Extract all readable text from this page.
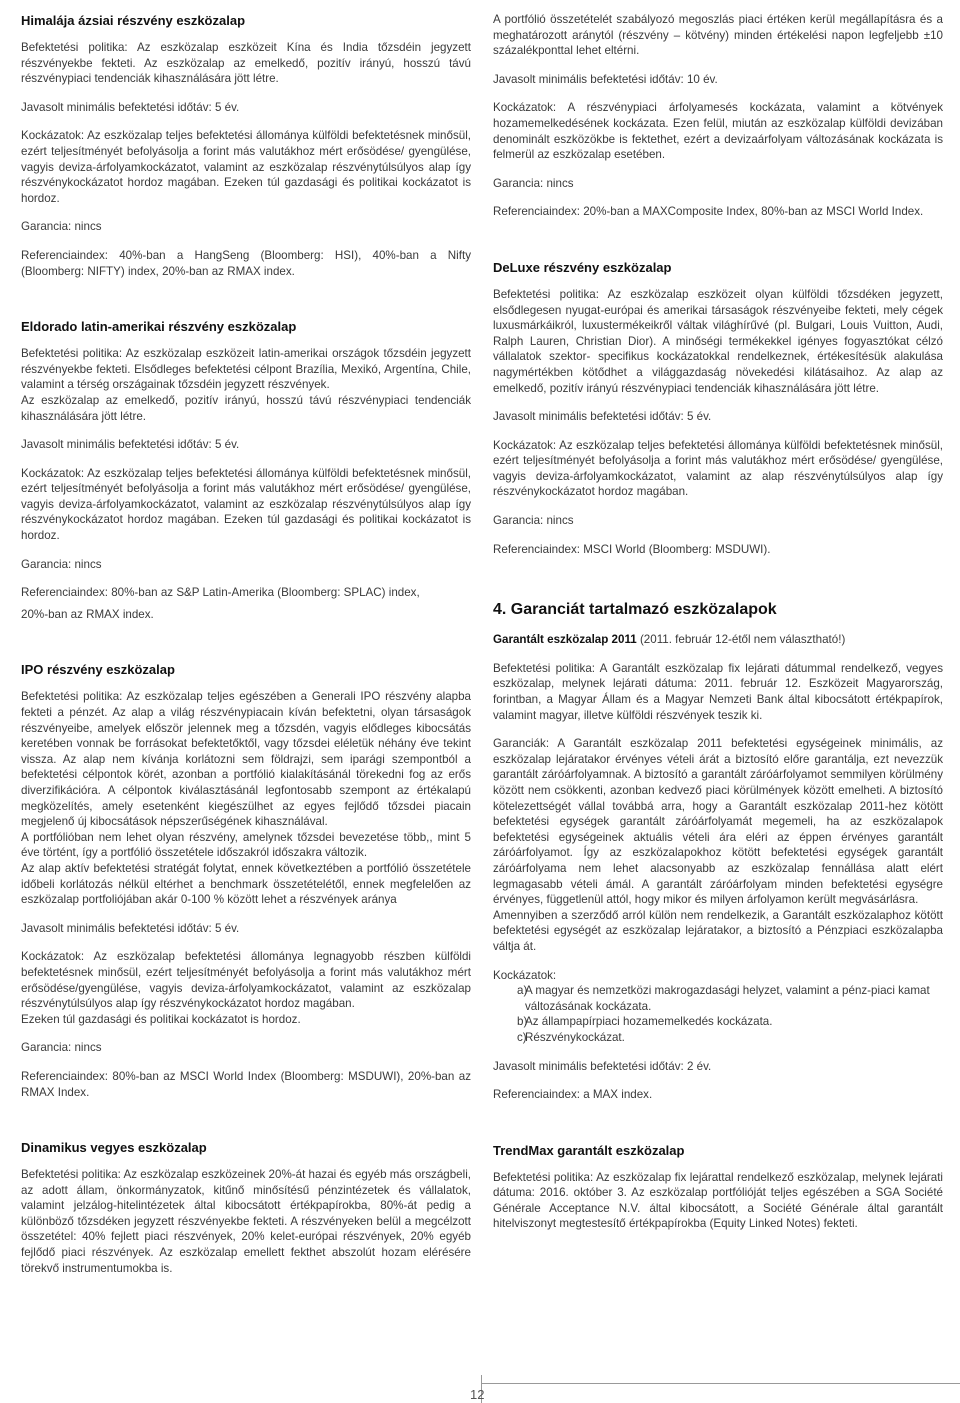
Himalája ázsiai részvény eszközalap

Befektetési politika: Az eszközalap eszközeit Kína és India tőzsdéin jegyzett részvényekbe fekteti. Az eszközalap az emelkedő, pozitív irányú, hosszú távú részvénypiaci tendenciák kihasználására jött létre.

Javasolt minimális befektetési időtáv: 5 év.

Kockázatok: Az eszközalap teljes befektetési állománya külföldi befektetésnek minősül, ezért teljesítményét befolyásolja a forint más valutákhoz mért erősödése/ gyengülése, vagyis deviza-árfolyamkockázatot, valamint az eszközalap részvénytúlsúlyos alap így részvénykockázatot hordoz magában. Ezeken túl gazdasági és politikai kockázatot is hordoz.

Garancia: nincs

Referenciaindex: 40%-ban a HangSeng (Bloomberg: HSI), 40%-ban a Nifty (Bloomberg: NIFTY) index, 20%-ban az RMAX index.

Eldorado latin-amerikai részvény eszközalap

Befektetési politika: Az eszközalap eszközeit latin-amerikai országok tőzsdéin jegyzett részvényekbe fekteti. Elsődleges befektetési célpont Brazília, Mexikó, Argentína, Chile, valamint a térség országainak tőzsdéin jegyzett részvények.

Az eszközalap az emelkedő, pozitív irányú, hosszú távú részvénypiaci tendenciák kihasználására jött létre.

Javasolt minimális befektetési időtáv: 5 év.

Kockázatok: Az eszközalap teljes befektetési állománya külföldi befektetésnek minősül, ezért teljesítményét befolyásolja a forint más valutákhoz mért erősödése/ gyengülése, vagyis deviza-árfolyamkockázatot, valamint az eszközalap részvénytúlsúlyos alap így részvénykockázatot hordoz magában. Ezeken túl gazdasági és politikai kockázatot is hordoz.

Garancia: nincs

Referenciaindex: 80%-ban az S&P Latin-Amerika (Bloomberg: SPLAC) index,

20%-ban az RMAX index.

IPO részvény eszközalap

Befektetési politika: Az eszközalap teljes egészében a Generali IPO részvény alapba fekteti a pénzét. Az alap a világ részvénypiacain kíván befektetni, olyan társaságok részvényeibe, amelyek először jelennek meg a tőzsdén, vagyis elődleges kibocsátás keretében vonnak be forrásokat befektetőktől, vagy tőzsdei eléletük néhány éve tekint vissza. Az alap nem kívánja korlátozni sem földrajzi, sem iparági szempontból a befektetési célpontok körét, azonban a portfólió kialakításánál törekedni fog az erős diverzifikációra. A célpontok kiválasztásánál legfontosabb szempont az értékalapú megközelítés, amely esetenként kiegészülhet az egyes fejlődő tőzsdei piacain megjelenő új kibocsátások népszerűségének kihasználával.

A portfólióban nem lehet olyan részvény, amelynek tőzsdei bevezetése több,, mint 5 éve történt, így a portfólió összetétele időszakról időszakra változik.

Az alap aktív befektetési stratégát folytat, ennek következtében a portfólió összetétele időbeli korlátozás nélkül eltérhet a benchmark összetételétől, ennek megfelelően az eszközalap portfoliójában akár 0-100 % között lehet a részvények aránya

Javasolt minimális befektetési időtáv: 5 év.

Kockázatok: Az eszközalap befektetési állománya legnagyobb részben külföldi befektetésnek minősül, ezért teljesítményét befolyásolja a forint más valutákhoz mért erősödése/gyengülése, vagyis deviza-árfolyamkockázatot, valamint az eszközalap részvénytúlsúlyos alap így részvénykockázatot hordoz magában.

Ezeken túl gazdasági és politikai kockázatot is hordoz.

Garancia: nincs

Referenciaindex: 80%-ban az MSCI World Index (Bloomberg: MSDUWI), 20%-ban az RMAX Index.

Dinamikus vegyes eszközalap

Befektetési politika: Az eszközalap eszközeinek 20%-át hazai és egyéb más országbeli, az adott állam, önkormányzatok, kitűnő minősítésű pénzintézetek és vállalatok, valamint jelzálog-hitelintézetek által kibocsátott értékpapírokba, 80%-át pedig a különböző tőzsdéken jegyzett részvényekbe fekteti. A részvényeken belül a megcélzott összetétel: 40% fejlett piaci részvények, 20% kelet-európai részvények, 20% egyéb fejlődő piaci részvények. Az eszközalap emellett fekthet abszolút hozam elérésére törekvő instrumentumokba is.

A portfólió összetételét szabályozó megoszlás piaci értéken kerül megállapításra és a meghatározott aránytól (részvény – kötvény) minden értékelési napon legfeljebb ±10 százalékponttal lehet eltérni.

Javasolt minimális befektetési időtáv: 10 év.

Kockázatok: A részvénypiaci árfolyamesés kockázata, valamint a kötvények hozamemelkedésének kockázata. Ezen felül, miután az eszközalap külföldi devizában denominált eszközökbe is fektethet, ezért a devizaárfolyam változásának kockázata is felmerül az eszközalap esetében.

Garancia: nincs

Referenciaindex: 20%-ban a MAXComposite Index, 80%-ban az MSCI World Index.

DeLuxe részvény eszközalap

Befektetési politika: Az eszközalap eszközeit olyan külföldi tőzsdéken jegyzett, elsődlegesen nyugat-európai és amerikai társaságok részvényeibe fekteti, mely cégek luxusmárkáikról, luxustermékeikről váltak világhírűvé (pl. Bulgari, Louis Vuitton, Audi, Ralph Lauren, Christian Dior). A minőségi termékekkel igényes fogyasztókat célzó vállalatok szektor- specifikus kockázatokkal rendelkeznek, értékesítésük alakulása nagymértékben kötődhet a világgazdaság növekedési kilátásaihoz. Az alap az emelkedő, pozitív irányú részvénypiaci tendenciák kihasználására jött létre.

Javasolt minimális befektetési időtáv: 5 év.

Kockázatok: Az eszközalap teljes befektetési állománya külföldi befektetésnek minősül, ezért teljesítményét befolyásolja a forint más valutákhoz mért erősödése/ gyengülése, vagyis deviza-árfolyamkockázatot, valamint az alap részvénytúlsúlyos alap így részvénykockázatot hordoz magában.

Garancia: nincs

Referenciaindex: MSCI World (Bloomberg: MSDUWI).

4. Garanciát tartalmazó eszközalapok

Garantált eszközalap 2011 (2011. február 12-étől nem választható!)

Befektetési politika: A Garantált eszközalap fix lejárati dátummal rendelkező, vegyes eszközalap, melynek lejárati dátuma: 2011. február 12. Eszközeit Magyarország, forintban, a Magyar Állam és a Magyar Nemzeti Bank által kibocsátott értékpapírok, valamint magyar, illetve külföldi részvények teszik ki.

Garanciák: A Garantált eszközalap 2011 befektetési egységeinek minimális, az eszközalap lejáratakor érvényes vételi árát a biztosító előre garantálja, ezt nevezzük garantált záróárfolyamnak. A biztosító a garantált záróárfolyamot semmilyen körülmény között nem csökkenti, azonban kedvező piaci körülmények között emelheti. A biztosító kötelezettségét vállal továbbá arra, hogy a Garantált eszközalap 2011-hez kötött befektetési egységek garantált záróárfolyamát megemeli, ha az eszközalapok befektetési egységeinek aktuális vételi ára eléri az éppen érvényes garantált záróárfolyamot. Így az eszközalapokhoz kötött befektetési egységek garantált záróárfolyama nem lehet alacsonyabb az eszközalap fennállása alatt elért legmagasabb vételi ámál. A garantált záróárfolyam minden befektetési egységre érvényes, függetlenül attól, hogy mikor és milyen árfolyamon került megvásárlásra.

Amennyiben a szerződő arról külön nem rendelkezik, a Garantált eszközalaphoz kötött befektetési egységét az eszközalap lejáratakor, a biztosító a Pénzpiaci eszközalapba váltja át.

Kockázatok:

a)
A magyar és nemzetközi makrogazdasági helyzet, valamint a pénz-piaci kamat változásának kockázata.
b)
Az állampapírpiaci hozamemelkedés kockázata.
c)
Részvénykockázat.

Javasolt minimális befektetési időtáv: 2 év.

Referenciaindex: a MAX index.

TrendMax garantált eszközalap

Befektetési politika: Az eszközalap fix lejárattal rendelkező eszközalap, melynek lejárati dátuma: 2016. október 3. Az eszközalap portfólióját teljes egészében a SGA Société Générale Acceptance N.V. által kibocsátott, a Société Générale által garantált hitelviszonyt megtestesítő értékpapírokba (Equity Linked Notes) fekteti.

12
